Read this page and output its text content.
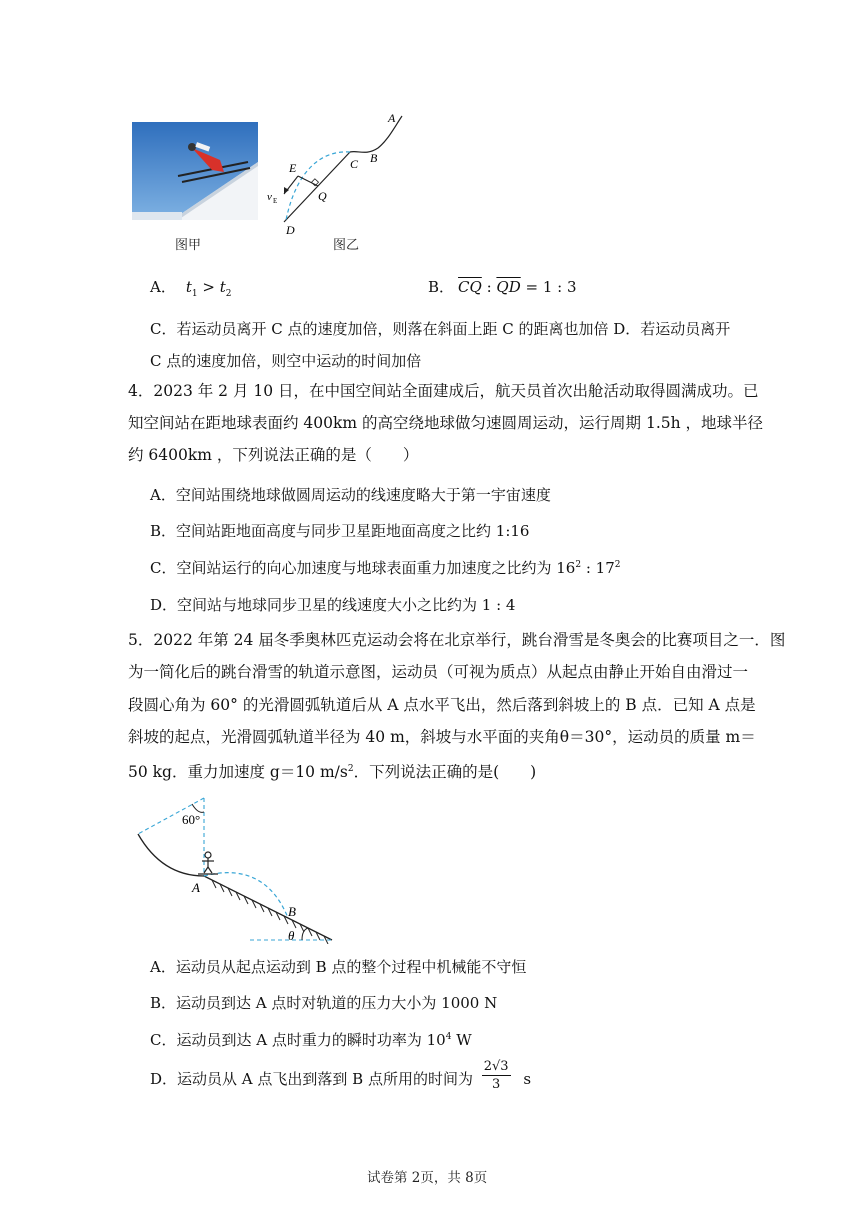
图甲
A
B
C
E
Q
v E
D
图乙
A． $t_1 > t_2$	B． $\overline{CQ}$ : $\overline{QD} = 1$ : 3
C．若运动员离开 C 点的速度加倍，则落在斜面上距 C 的距离也加倍 D．若运动员离开
C 点的速度加倍，则空中运动的时间加倍
4．2023 年 2 月 10 日，在中国空间站全面建成后，航天员首次出舱活动取得圆满成功。已
知空间站在距地球表面约 400km 的高空绕地球做匀速圆周运动，运行周期 1.5h ，地球半径
约 6400km ，下列说法正确的是（　　）
A．空间站围绕地球做圆周运动的线速度略大于第一宇宙速度
B．空间站距地面高度与同步卫星距地面高度之比约 1:16
C．空间站运行的向心加速度与地球表面重力加速度之比约为 $16^2$ : $17^2$
D．空间站与地球同步卫星的线速度大小之比约为 1 : 4
5．2022 年第 24 届冬季奥林匹克运动会将在北京举行，跳台滑雪是冬奥会的比赛项目之一．图
为一简化后的跳台滑雪的轨道示意图，运动员（可视为质点）从起点由静止开始自由滑过一
段圆心角为 60° 的光滑圆弧轨道后从 A 点水平飞出，然后落到斜坡上的 B 点．已知 A 点是
斜坡的起点，光滑圆弧轨道半径为 40 m，斜坡与水平面的夹角θ＝30°，运动员的质量 m＝
50 kg．重力加速度 g＝10 $m/s^2$．下列说法正确的是(　　)
60°
A
B
θ
A．运动员从起点运动到 B 点的整个过程中机械能不守恒
B．运动员到达 A 点时对轨道的压力大小为 1000 N
C．运动员到达 A 点时重力的瞬时功率为 $10^4$ W
D．运动员从 A 点飞出到落到 B 点所用的时间为 $\frac{2√3}{3}$ s
试卷第 2页，共 8页
